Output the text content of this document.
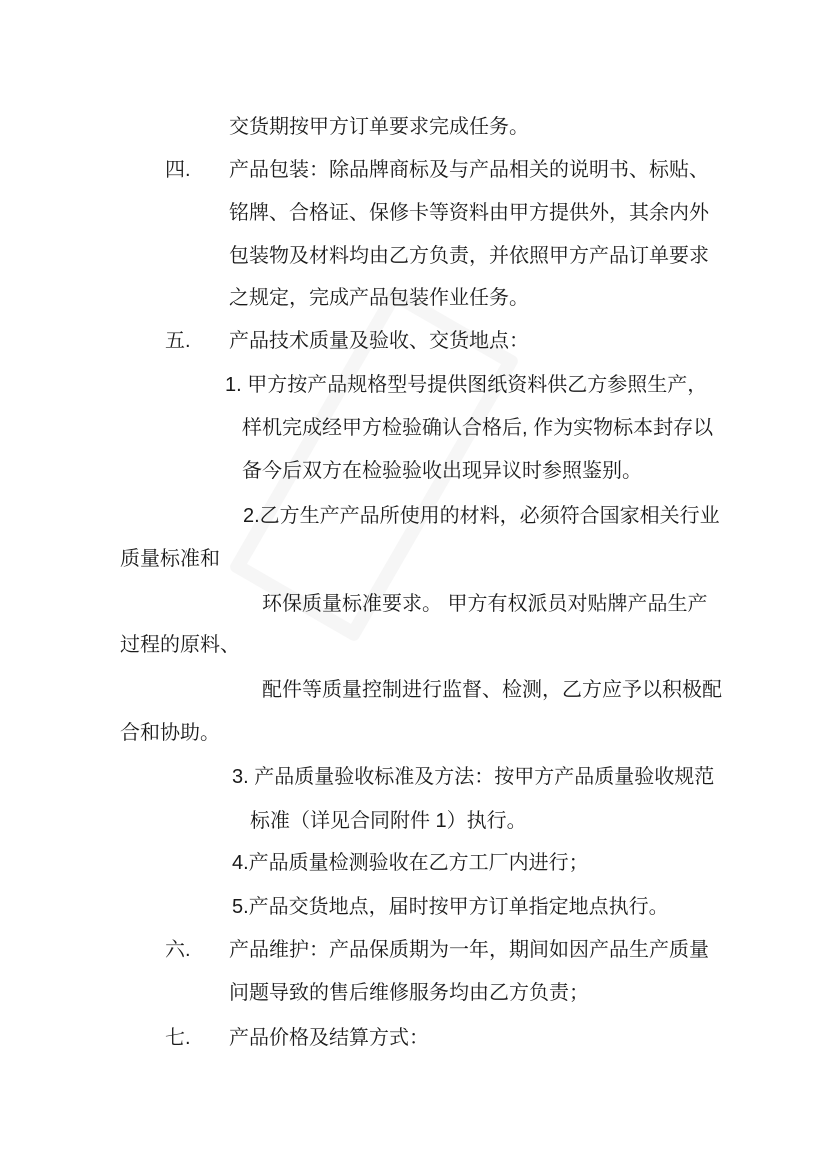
交货期按甲方订单要求完成任务。
四. 产品包装：除品牌商标及与产品相关的说明书、标贴、
铭牌、合格证、保修卡等资料由甲方提供外，其余内外
包装物及材料均由乙方负责，并依照甲方产品订单要求
之规定，完成产品包装作业任务。
五. 产品技术质量及验收、交货地点：
1. 甲方按产品规格型号提供图纸资料供乙方参照生产，
样机完成经甲方检验确认合格后, 作为实物标本封存以
备今后双方在检验验收出现异议时参照鉴别。
2.乙方生产产品所使用的材料，必须符合国家相关行业
质量标准和
环保质量标准要求。 甲方有权派员对贴牌产品生产
过程的原料、
配件等质量控制进行监督、检测，乙方应予以积极配
合和协助。
3. 产品质量验收标准及方法：按甲方产品质量验收规范
标准（详见合同附件 1）执行。
4.产品质量检测验收在乙方工厂内进行；
5.产品交货地点，届时按甲方订单指定地点执行。
六. 产品维护：产品保质期为一年，期间如因产品生产质量
问题导致的售后维修服务均由乙方负责；
七. 产品价格及结算方式：
